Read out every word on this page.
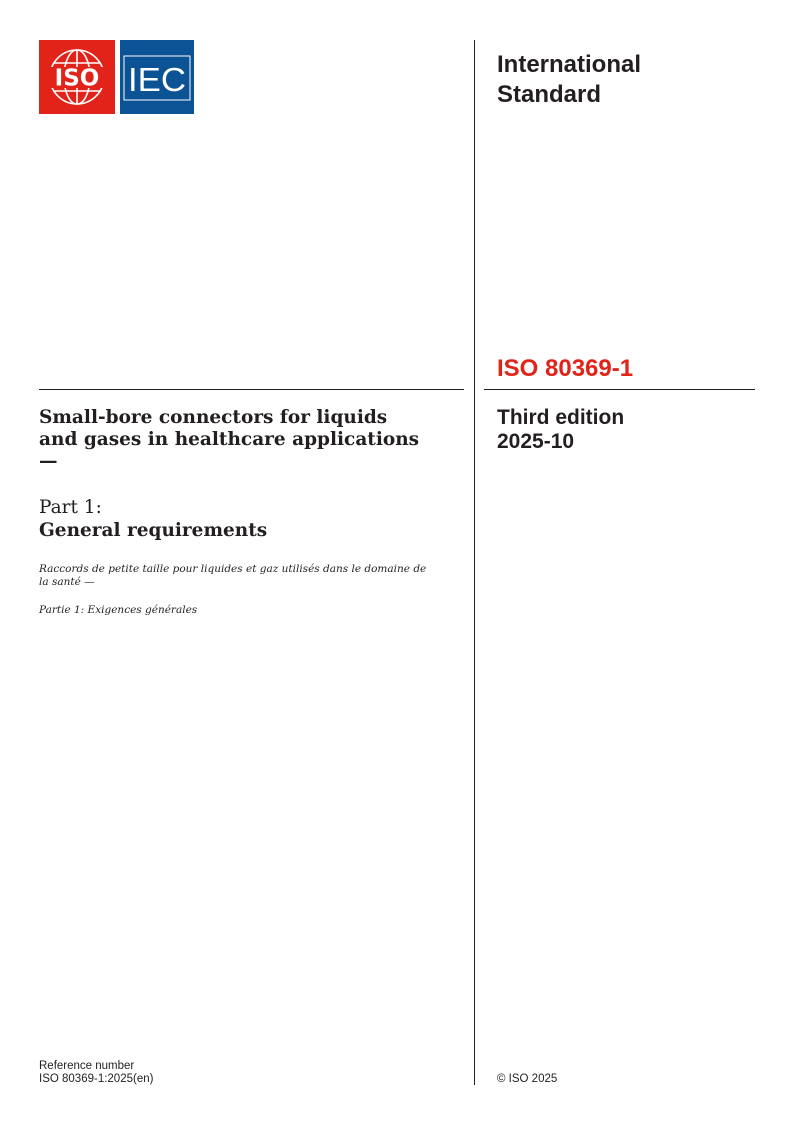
ISO IEC	International
Standard
ISO 80369-1
Third edition
2025-10
Small-bore connectors for liquids and gases in healthcare applications —
Part 1:
General requirements
Raccords de petite taille pour liquides et gaz utilisés dans le domaine de la santé —
Partie 1: Exigences générales
Reference number
ISO 80369-1:2025(en)	© ISO 2025
